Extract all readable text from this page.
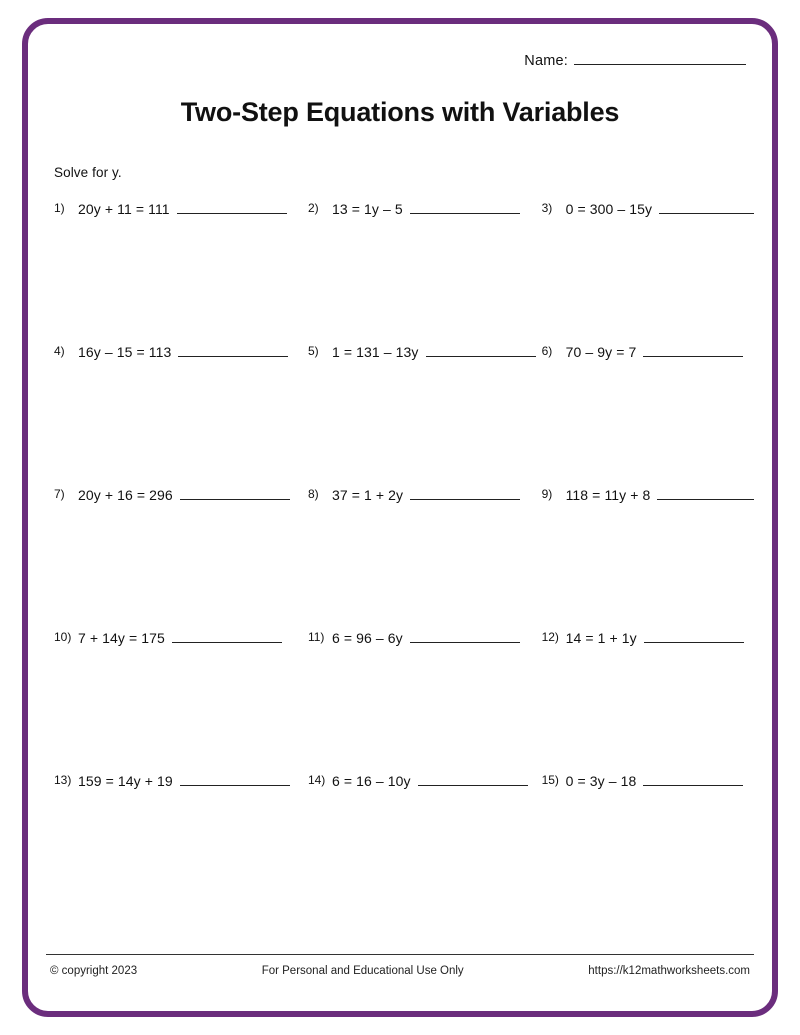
Name:
Two-Step Equations with Variables
Solve for y.
1) 20y + 11 = 111	2) 13 = 1y – 5	3) 0 = 300 – 15y
4) 16y – 15 = 113	5) 1 = 131 – 13y	6) 70 – 9y = 7
7) 20y + 16 = 296	8) 37 = 1 + 2y	9) 118 = 11y + 8
10) 7 + 14y = 175	11) 6 = 96 – 6y	12) 14 = 1 + 1y
13) 159 = 14y + 19	14) 6 = 16 – 10y	15) 0 = 3y – 18
© copyright 2023	For Personal and Educational Use Only	https://k12mathworksheets.com
